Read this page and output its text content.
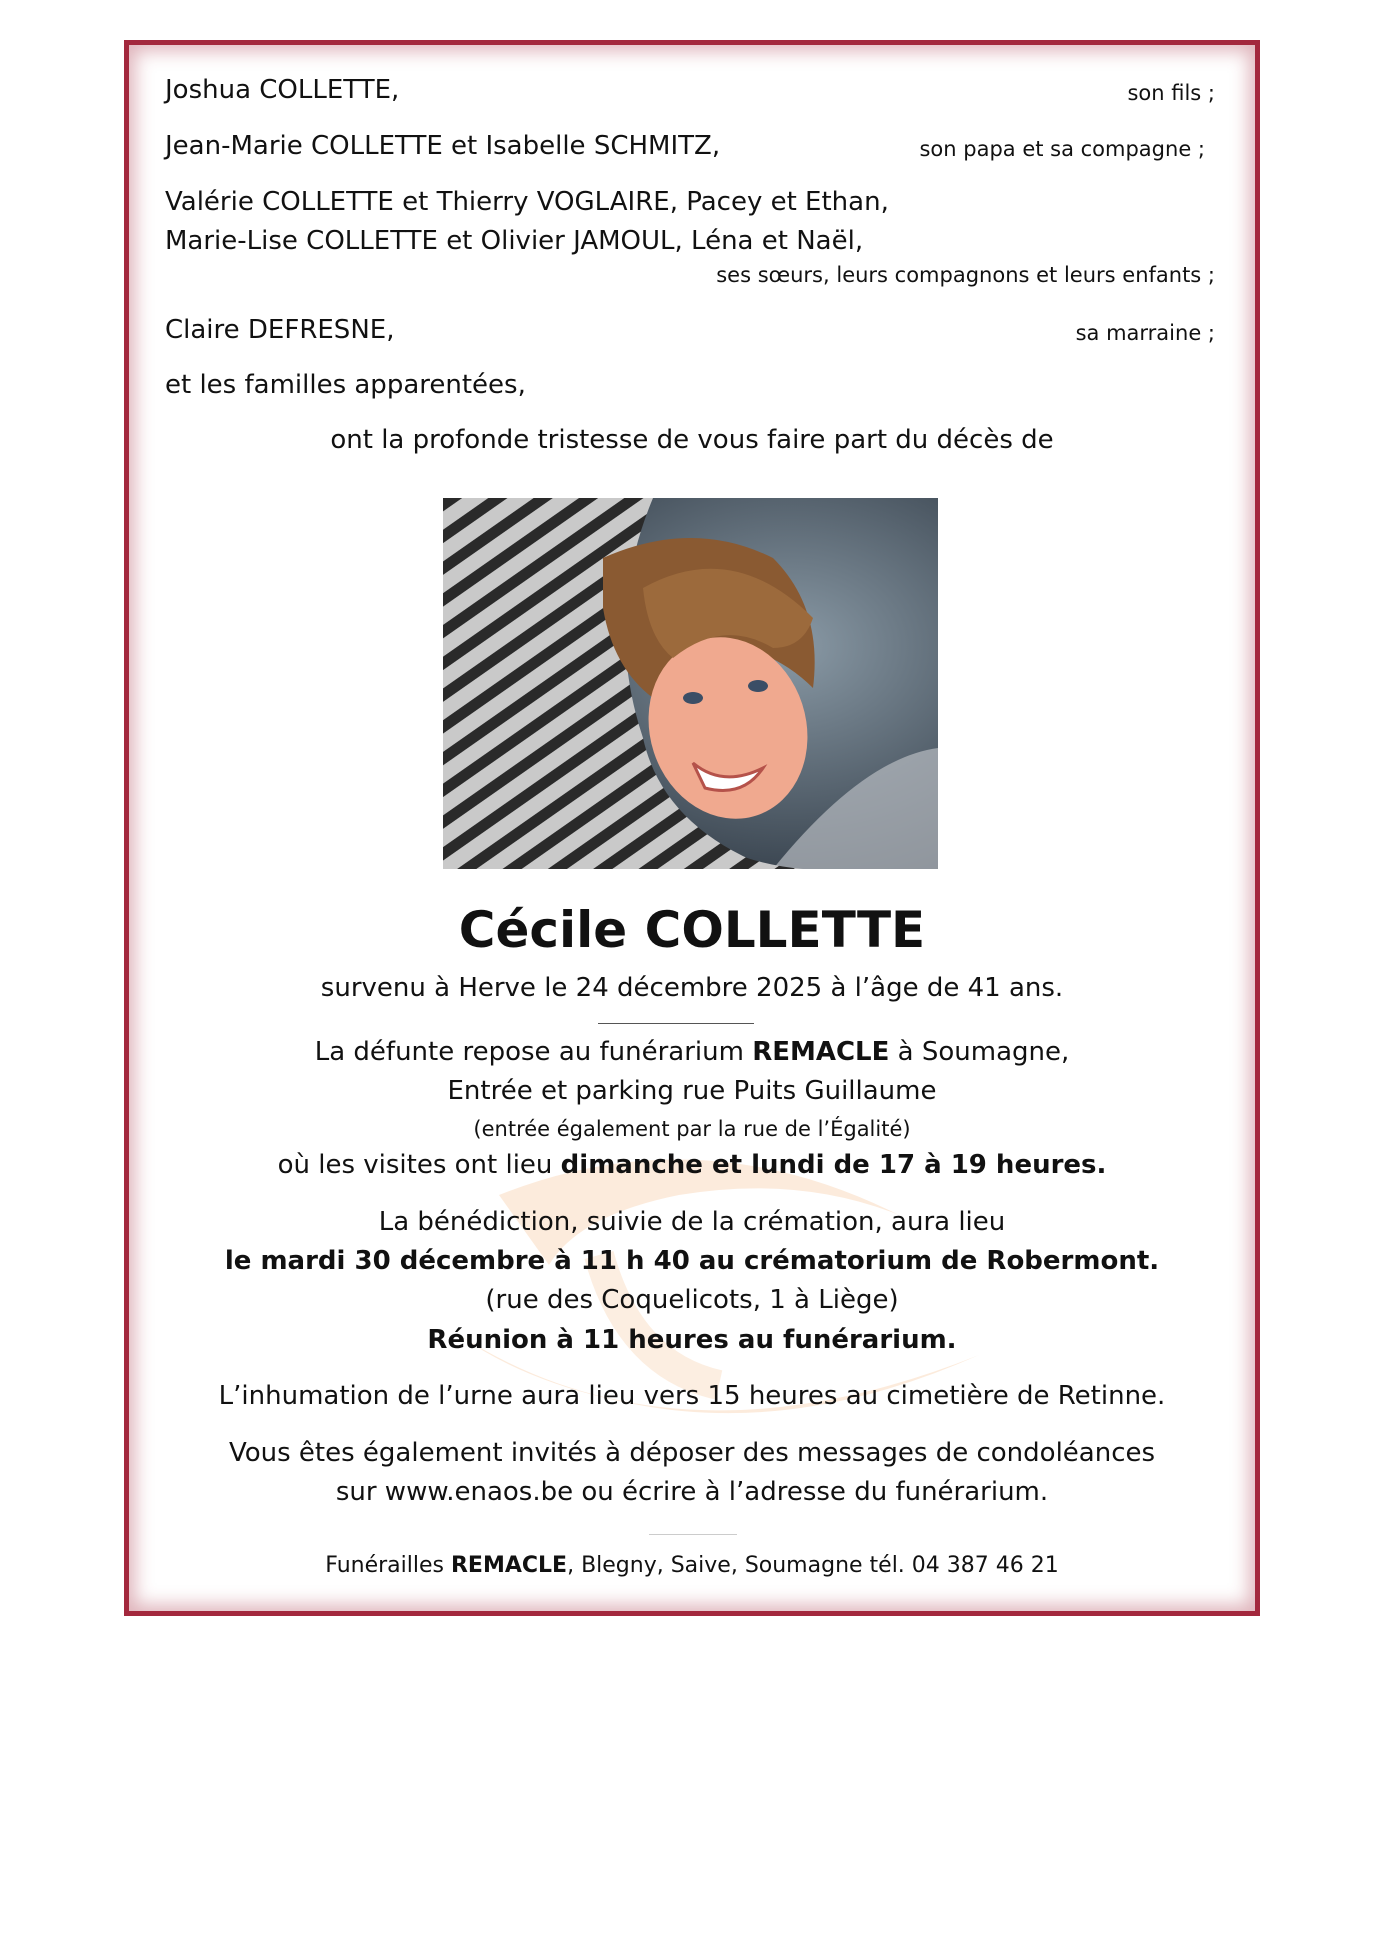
Joshua COLLETTE,	son fils ;
Jean-Marie COLLETTE et Isabelle SCHMITZ,	son papa et sa compagne ;
Valérie COLLETTE et Thierry VOGLAIRE, Pacey et Ethan,
Marie-Lise COLLETTE et Olivier JAMOUL, Léna et Naël,
ses sœurs, leurs compagnons et leurs enfants ;
Claire DEFRESNE,	sa marraine ;
et les familles apparentées,
ont la profonde tristesse de vous faire part du décès de
Cécile COLLETTE
survenu à Herve le 24 décembre 2025 à l’âge de 41 ans.
La défunte repose au funérarium REMACLE à Soumagne,
Entrée et parking rue Puits Guillaume
(entrée également par la rue de l’Égalité)
où les visites ont lieu dimanche et lundi de 17 à 19 heures.
La bénédiction, suivie de la crémation, aura lieu
le mardi 30 décembre à 11 h 40 au crématorium de Robermont.
(rue des Coquelicots, 1 à Liège)
Réunion à 11 heures au funérarium.
L’inhumation de l’urne aura lieu vers 15 heures au cimetière de Retinne.
Vous êtes également invités à déposer des messages de condoléances
sur www.enaos.be ou écrire à l’adresse du funérarium.
Funérailles REMACLE, Blegny, Saive, Soumagne tél. 04 387 46 21
